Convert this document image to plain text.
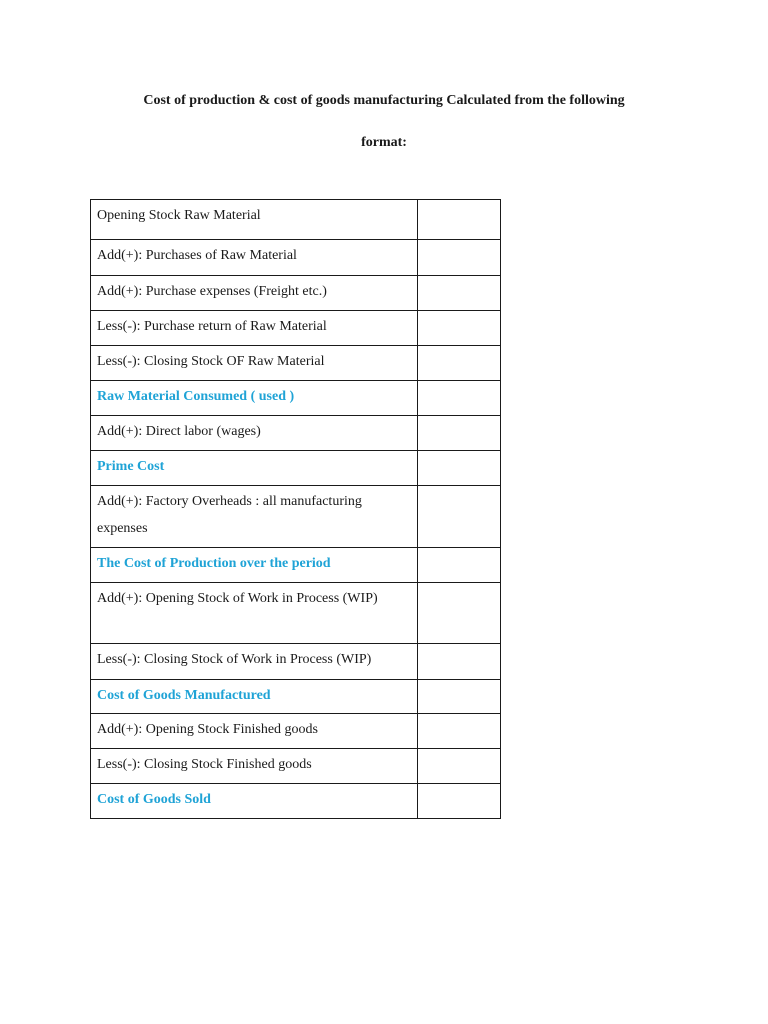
Cost of production & cost of goods manufacturing Calculated from the following
format:
Opening Stock Raw Material	

Add(+): Purchases of Raw Material	

Add(+): Purchase expenses (Freight etc.)	

Less(-): Purchase return of Raw Material	

Less(-): Closing Stock OF Raw Material	

Raw Material Consumed ( used )	

Add(+): Direct labor (wages)	

Prime Cost	

Add(+): Factory Overheads : all manufacturing expenses	

The Cost of Production over the period	

Add(+): Opening Stock of Work in Process (WIP)	

Less(-): Closing Stock of Work in Process (WIP)	

Cost of Goods Manufactured	

Add(+): Opening Stock Finished goods	

Less(-): Closing Stock Finished goods	

Cost of Goods Sold	
